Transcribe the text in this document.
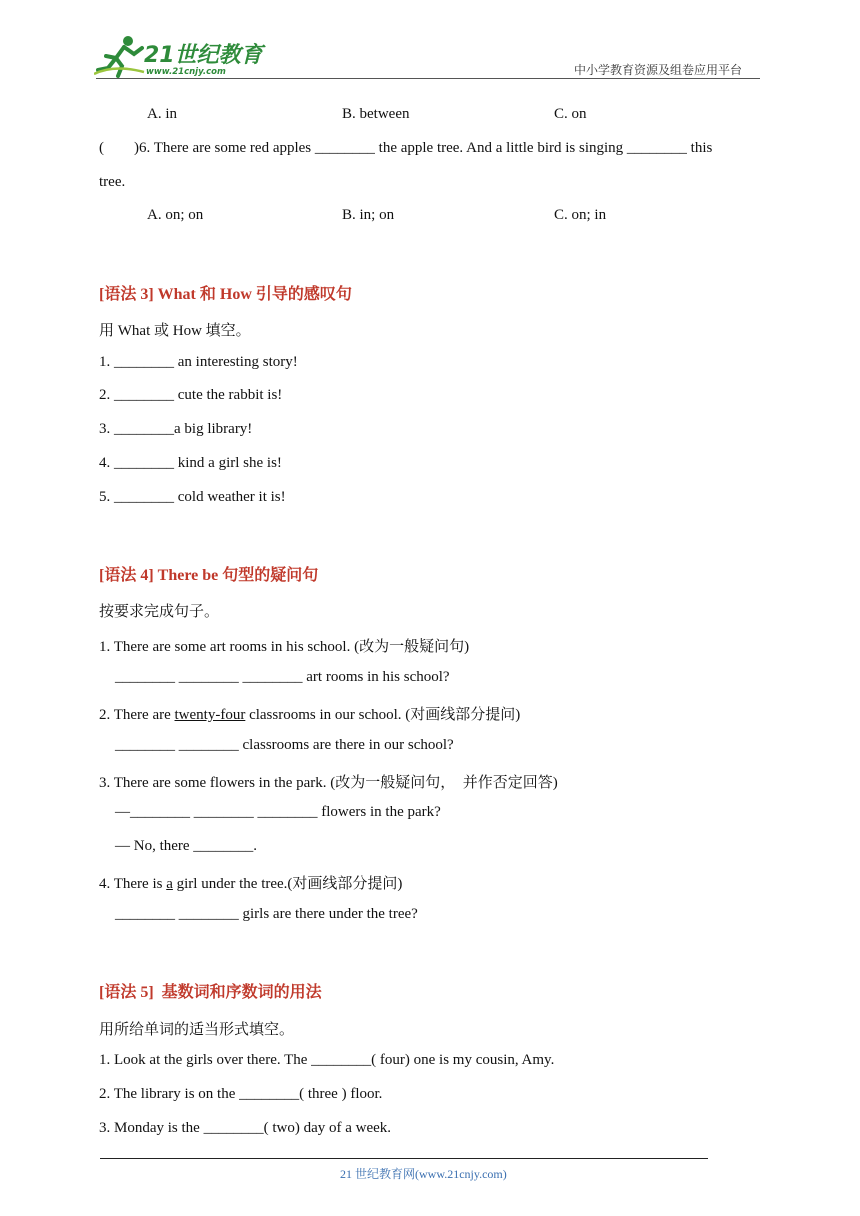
21世纪教育
www.21cnjy.com	中小学教育资源及组卷应用平台
A. in	B. between	C. on
(        ) 6. There are some red apples ________ the apple tree. And a little bird is singing ________ this
tree.
A. on; on	B. in; on	C. on; in
[语法 3] What 和 How 引导的感叹句
用 What 或 How 填空。
1. ________ an interesting story!
2. ________ cute the rabbit is!
3. ________a big library!
4. ________ kind a girl she is!
5. ________ cold weather it is!
[语法 4] There be 句型的疑问句
按要求完成句子。
1. There are some art rooms in his school. (改为一般疑问句)
________ ________ ________ art rooms in his school?
2. There are twenty-four classrooms in our school. (对画线部分提问)
________ ________ classrooms are there in our school?
3. There are some flowers in the park. (改为一般疑问句，  并作否定回答)
—________ ________ ________ flowers in the park?
— No, there ________.
4. There is a girl under the tree.(对画线部分提问)
________ ________ girls are there under the tree?
[语法 5]  基数词和序数词的用法
用所给单词的适当形式填空。
1. Look at the girls over there. The ________( four) one is my cousin, Amy.
2. The library is on the ________( three ) floor.
3. Monday is the ________( two) day of a week.
21 世纪教育网(www.21cnjy.com)
